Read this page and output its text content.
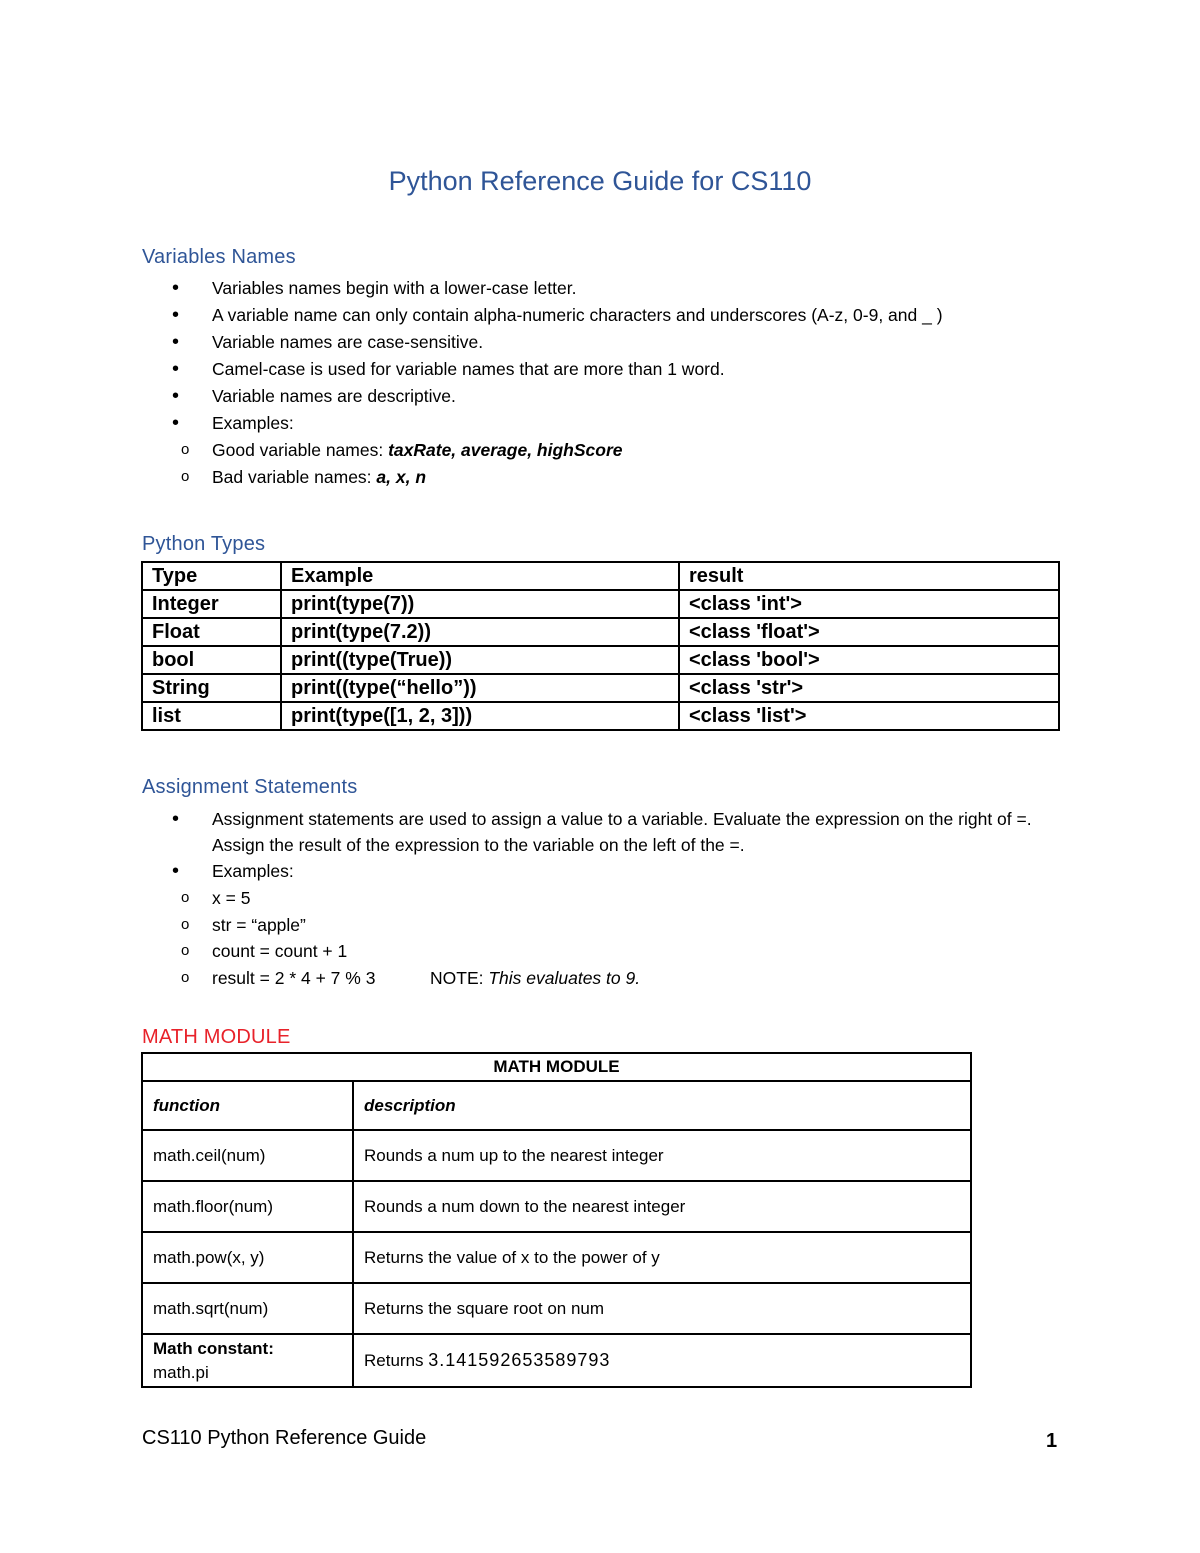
Python Reference Guide for CS110
Variables Names
• Variables names begin with a lower-case letter.
• A variable name can only contain alpha-numeric characters and underscores (A-z, 0-9, and _ )
• Variable names are case-sensitive.
• Camel-case is used for variable names that are more than 1 word.
• Variable names are descriptive.
• Examples:
o Good variable names: taxRate, average, highScore
o Bad variable names: a, x, n
Python Types
Type	Example	result
Integer	print(type(7))	<class 'int'>
Float	print(type(7.2))	<class 'float'>
bool	print((type(True))	<class 'bool'>
String	print((type(“hello”))	<class 'str'>
list	print(type([1, 2, 3]))	<class 'list'>
Assignment Statements
• Assignment statements are used to assign a value to a variable. Evaluate the expression on the right of =. Assign the result of the expression to the variable on the left of the =.
• Examples:
o x = 5
o str = “apple”
o count = count + 1
o result = 2 * 4 + 7 % 3	NOTE: This evaluates to 9.
MATH MODULE
MATH MODULE	
function	description
math.ceil(num)	Rounds a num up to the nearest integer
math.floor(num)	Rounds a num down to the nearest integer
math.pow(x, y)	Returns the value of x to the power of y
math.sqrt(num)	Returns the square root on num

Math constant:
math.pi	Returns 3.141592653589793
CS110 Python Reference Guide	1
